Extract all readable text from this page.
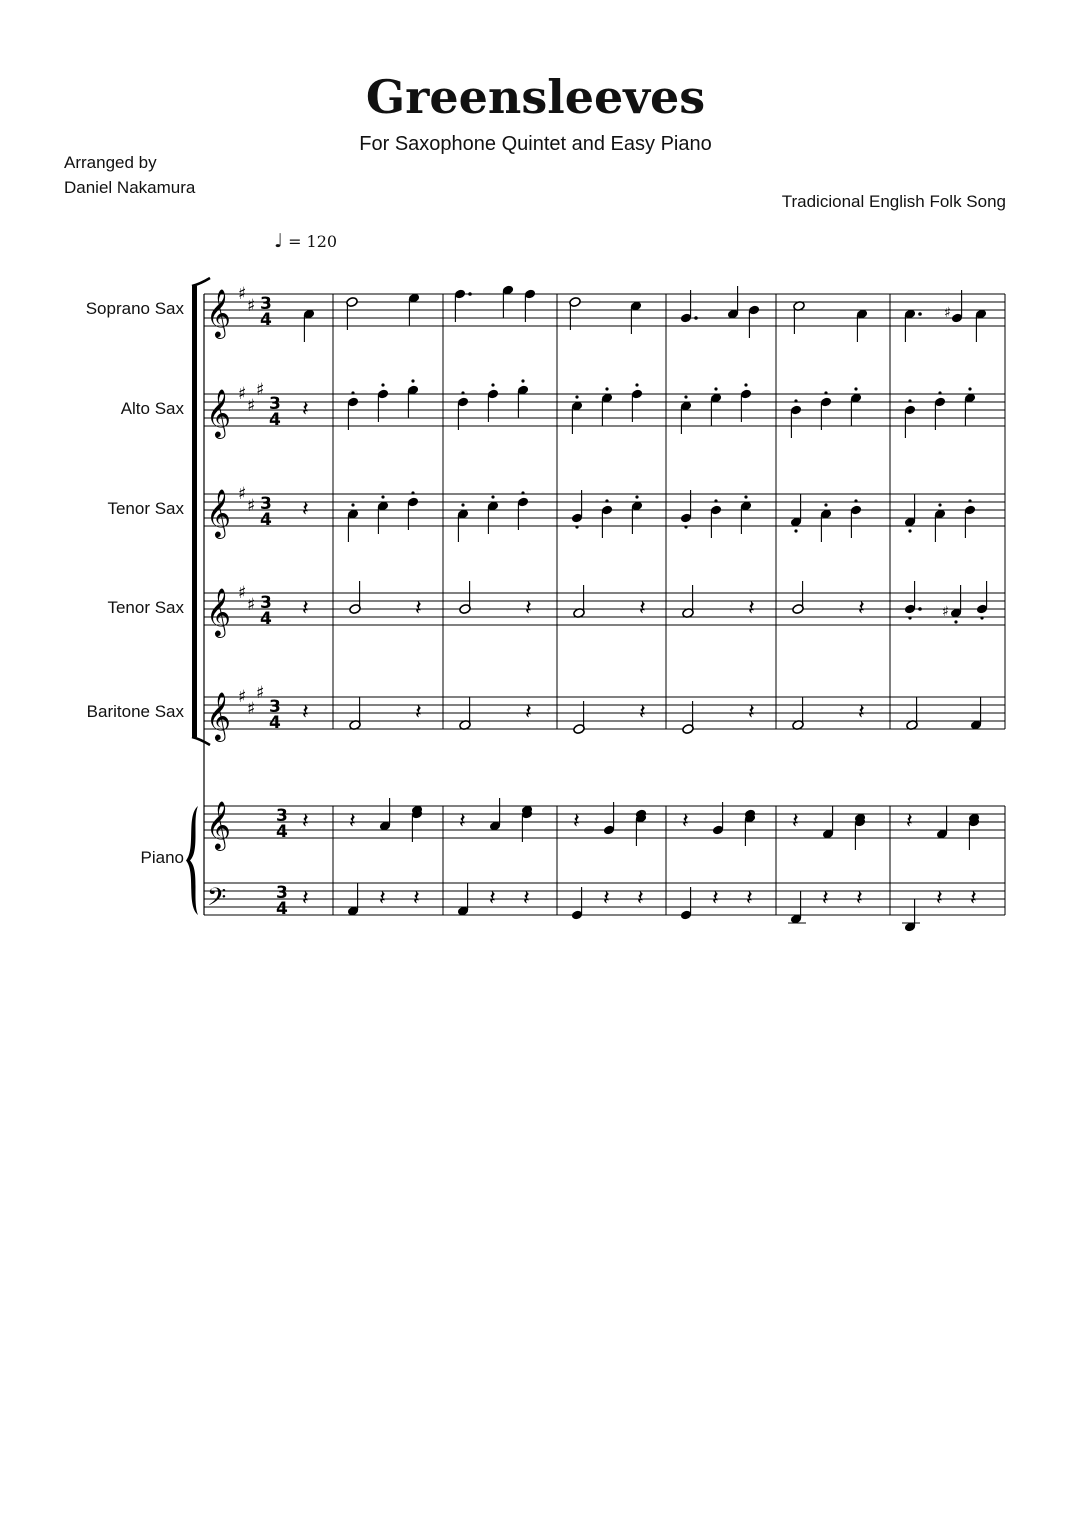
Greensleeves
For Saxophone Quintet and Easy Piano
Arranged by
Daniel Nakamura
Tradicional English Folk Song
♩ = 120
Soprano Sax
Alto Sax
Tenor Sax
Tenor Sax
Baritone Sax
Piano
𝄞 ♯
♯ 3
4
𝄞 ♯
♯
♯
3
4
𝄞 ♯
♯ 3
4
𝄞 ♯
♯ 3
4
𝄞 ♯
♯
♯
3
4
𝄞	3
4
𝄢	3
4
♯
𝄽
𝄽
𝄽	𝄽	𝄽	𝄽	𝄽	𝄽	♯
𝄽	𝄽	𝄽	𝄽	𝄽	𝄽
𝄽 𝄽	𝄽	𝄽	𝄽	𝄽	𝄽
𝄽	𝄽 𝄽	𝄽 𝄽	𝄽 𝄽	𝄽 𝄽	𝄽 𝄽	𝄽 𝄽
